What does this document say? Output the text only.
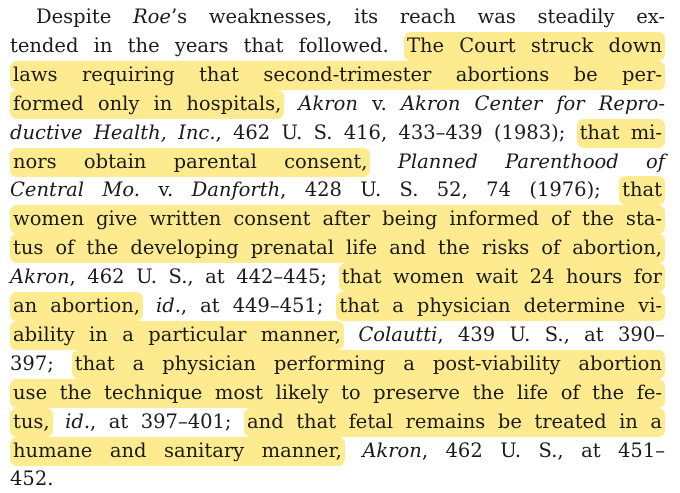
Despite Roe’s weaknesses, its reach was steadily ex-
tended in the years that followed. The Court struck down
laws requiring that second-trimester abortions be per-
formed only in hospitals, Akron v. Akron Center for Repro-
ductive Health, Inc., 462 U. S. 416, 433–439 (1983); that mi-
nors obtain parental consent, Planned Parenthood of
Central Mo. v. Danforth, 428 U. S. 52, 74 (1976); that
women give written consent after being informed of the sta-
tus of the developing prenatal life and the risks of abortion,
Akron, 462 U. S., at 442–445; that women wait 24 hours for
an abortion, id., at 449–451; that a physician determine vi-
ability in a particular manner, Colautti, 439 U. S., at 390–
397; that a physician performing a post-viability abortion
use the technique most likely to preserve the life of the fe-
tus, id., at 397–401; and that fetal remains be treated in a
humane and sanitary manner, Akron, 462 U. S., at 451–
452.
